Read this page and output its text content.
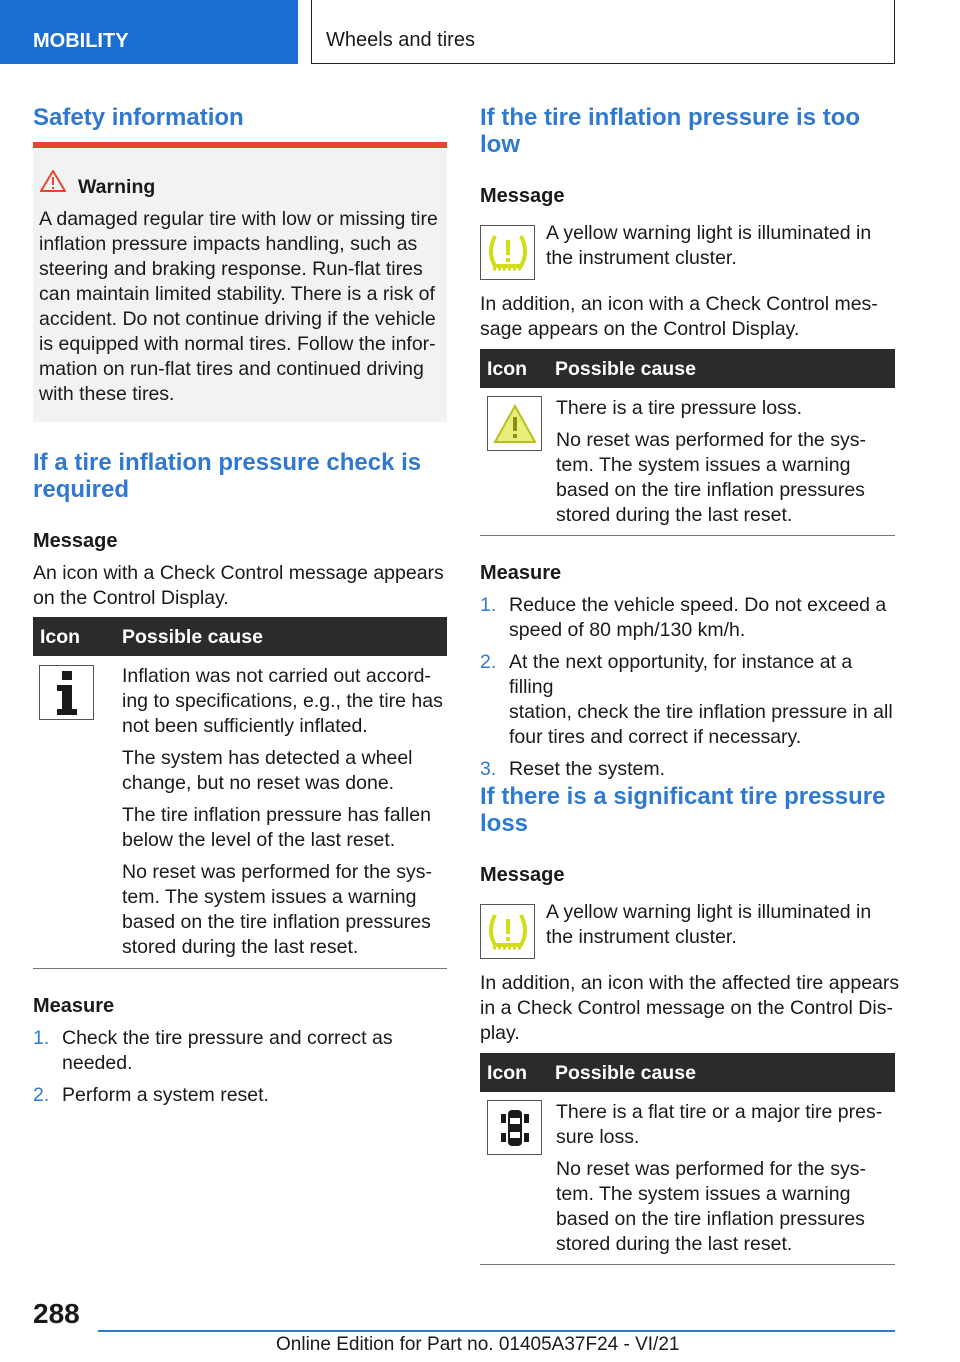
MOBILITY	Wheels and tires
Safety information
Warning
A damaged regular tire with low or missing tire
inflation pressure impacts handling, such as
steering and braking response. Run-flat tires
can maintain limited stability. There is a risk of
accident. Do not continue driving if the vehicle
is equipped with normal tires. Follow the infor-
mation on run-flat tires and continued driving
with these tires.
If a tire inflation pressure check is
required
Message
An icon with a Check Control message appears
on the Control Display.
Icon Possible cause
Inflation was not carried out accord-
ing to specifications, e.g., the tire has
not been sufficiently inflated.
The system has detected a wheel
change, but no reset was done.
The tire inflation pressure has fallen
below the level of the last reset.
No reset was performed for the sys-
tem. The system issues a warning
based on the tire inflation pressures
stored during the last reset.
Measure
1. Check the tire pressure and correct as
needed.
2. Perform a system reset.
If the tire inflation pressure is too
low
Message
A yellow warning light is illuminated in
the instrument cluster.
In addition, an icon with a Check Control mes-
sage appears on the Control Display.
Icon Possible cause
There is a tire pressure loss.
No reset was performed for the sys-
tem. The system issues a warning
based on the tire inflation pressures
stored during the last reset.
Measure
1. Reduce the vehicle speed. Do not exceed a
speed of 80 mph/130 km/h.
2. At the next opportunity, for instance at a filling
station, check the tire inflation pressure in all
four tires and correct if necessary.
3. Reset the system.
If there is a significant tire pressure
loss
Message
A yellow warning light is illuminated in
the instrument cluster.
In addition, an icon with the affected tire appears
in a Check Control message on the Control Dis-
play.
Icon Possible cause
There is a flat tire or a major tire pres-
sure loss.
No reset was performed for the sys-
tem. The system issues a warning
based on the tire inflation pressures
stored during the last reset.
288
Online Edition for Part no. 01405A37F24 - VI/21
